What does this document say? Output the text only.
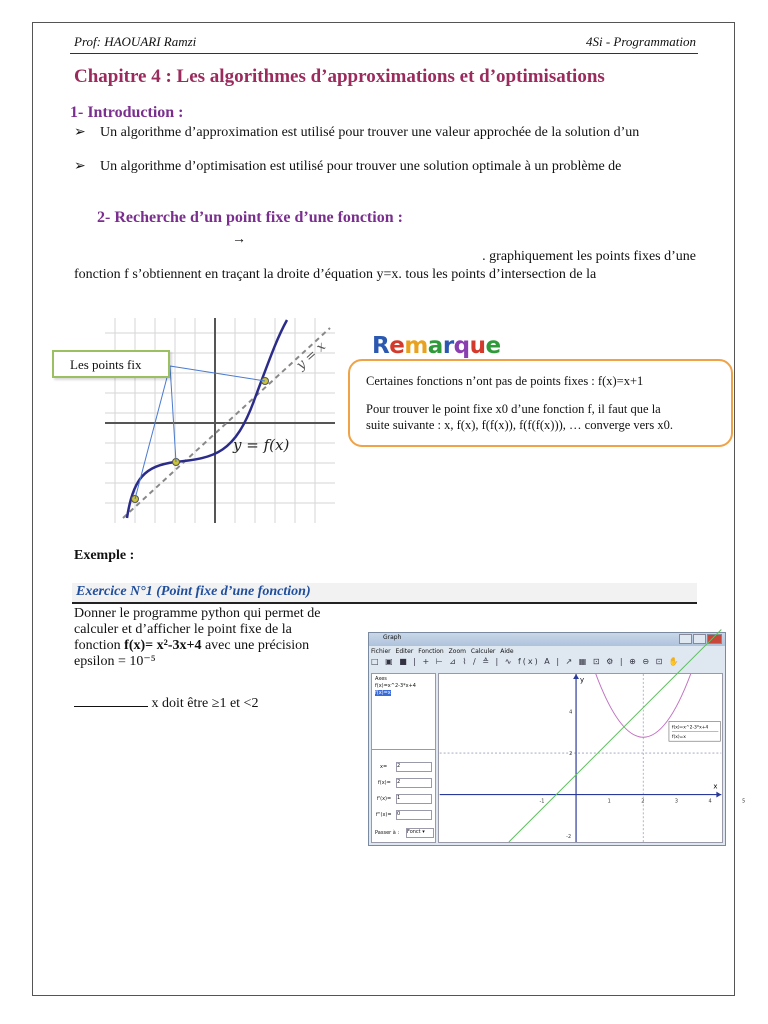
Prof: HAOUARI Ramzi	4Si - Programmation
Chapitre 4 : Les algorithmes d’approximations et d’optimisations
1- Introduction :
➢ Un algorithme d’approximation est utilisé pour trouver une valeur approchée de la solution d’un
➢ Un algorithme d’optimisation est utilisé pour trouver une solution optimale à un problème de
2- Recherche d’un point fixe d’une fonction :
→
. graphiquement les points fixes d’une
fonction f s’obtiennent en traçant la droite d’équation y=x. tous les points d’intersection de la
y = f(x)
y = x
Les points fix
Remarque
Certaines fonctions n’ont pas de points fixes : f(x)=x+1
Pour trouver le point fixe x0 d’une fonction f, il faut que la
suite suivante : x, f(x), f(f(x)), f(f(f(x))), … converge vers x0.
Exemple :
Exercice N°1 (Point fixe d’une fonction)
Donner le programme python qui permet de
calculer et d’afficher le point fixe de la
fonction f(x)= x²-3x+4 avec une précision
epsilon = 10⁻⁵
x doit être ≥1 et <2
Graph
Fichier Editer Fonction Zoom Calculer Aide
□ ▣ ■ | + ⊢ ⊿ ⌇ ∕ ≙ | ∿ f(x) A | ↗ ▦ ⊡ ⚙ | ⊕ ⊖ ⊡ ✋
Axes
f(x)=x^2-3*x+4
f(x)=x
x= 2
f(x)= 2
f'(x)= 1
f''(x)= 0
Passer à : Fonct ▾
x
y
-1	1	2	3	4	5
4
2
-2
f(x)=x^2-3*x+4
f(x)=x
